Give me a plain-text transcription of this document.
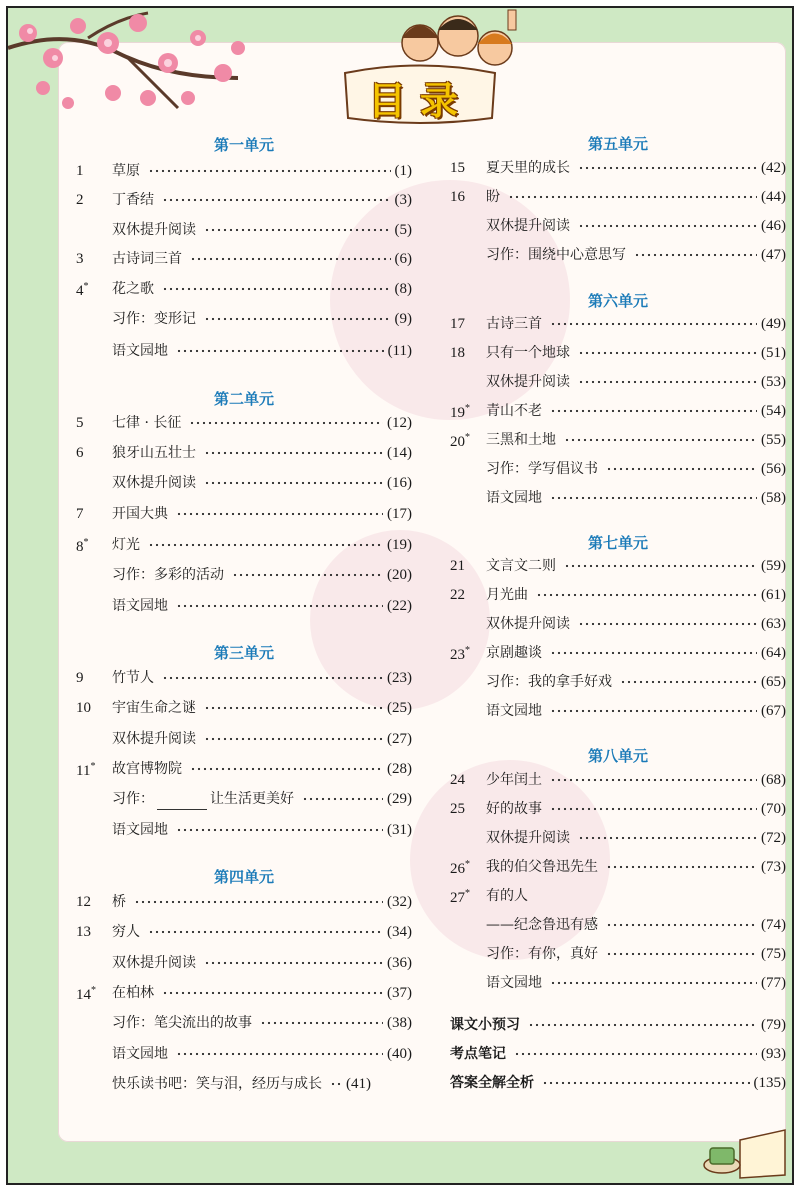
目录
第一单元
1	草原	(1)
2	丁香结	(3)
双休提升阅读	(5)
3	古诗词三首	(6)
4*	花之歌	(8)
习作：变形记	(9)
语文园地	(11)
第二单元
5	七律 · 长征	(12)
6	狼牙山五壮士	(14)
双休提升阅读	(16)
7	开国大典	(17)
8*	灯光	(19)
习作：多彩的活动	(20)
语文园地	(22)
第三单元
9	竹节人	(23)
10	宇宙生命之谜	(25)
双休提升阅读	(27)
11*	故宫博物院	(28)
习作：	让生活更美好	(29)
语文园地	(31)
第四单元
12	桥	(32)
13	穷人	(34)
双休提升阅读	(36)
14*	在柏林	(37)
习作：笔尖流出的故事	(38)
语文园地	(40)
快乐读书吧：笑与泪，经历与成长 (41)
第五单元
15	夏天里的成长	(42)
16	盼	(44)
双休提升阅读	(46)
习作：围绕中心意思写	(47)
第六单元
17	古诗三首	(49)
18	只有一个地球	(51)
双休提升阅读	(53)
19*	青山不老	(54)
20*	三黑和土地	(55)
习作：学写倡议书	(56)
语文园地	(58)
第七单元
21	文言文二则	(59)
22	月光曲	(61)
双休提升阅读	(63)
23*	京剧趣谈	(64)
习作：我的拿手好戏	(65)
语文园地	(67)
第八单元
24	少年闰土	(68)
25	好的故事	(70)
双休提升阅读	(72)
26*	我的伯父鲁迅先生	(73)
27*	有的人
——纪念鲁迅有感	(74)
习作：有你，真好	(75)
语文园地	(77)
课文小预习	(79)
考点笔记	(93)
答案全解全析	(135)
